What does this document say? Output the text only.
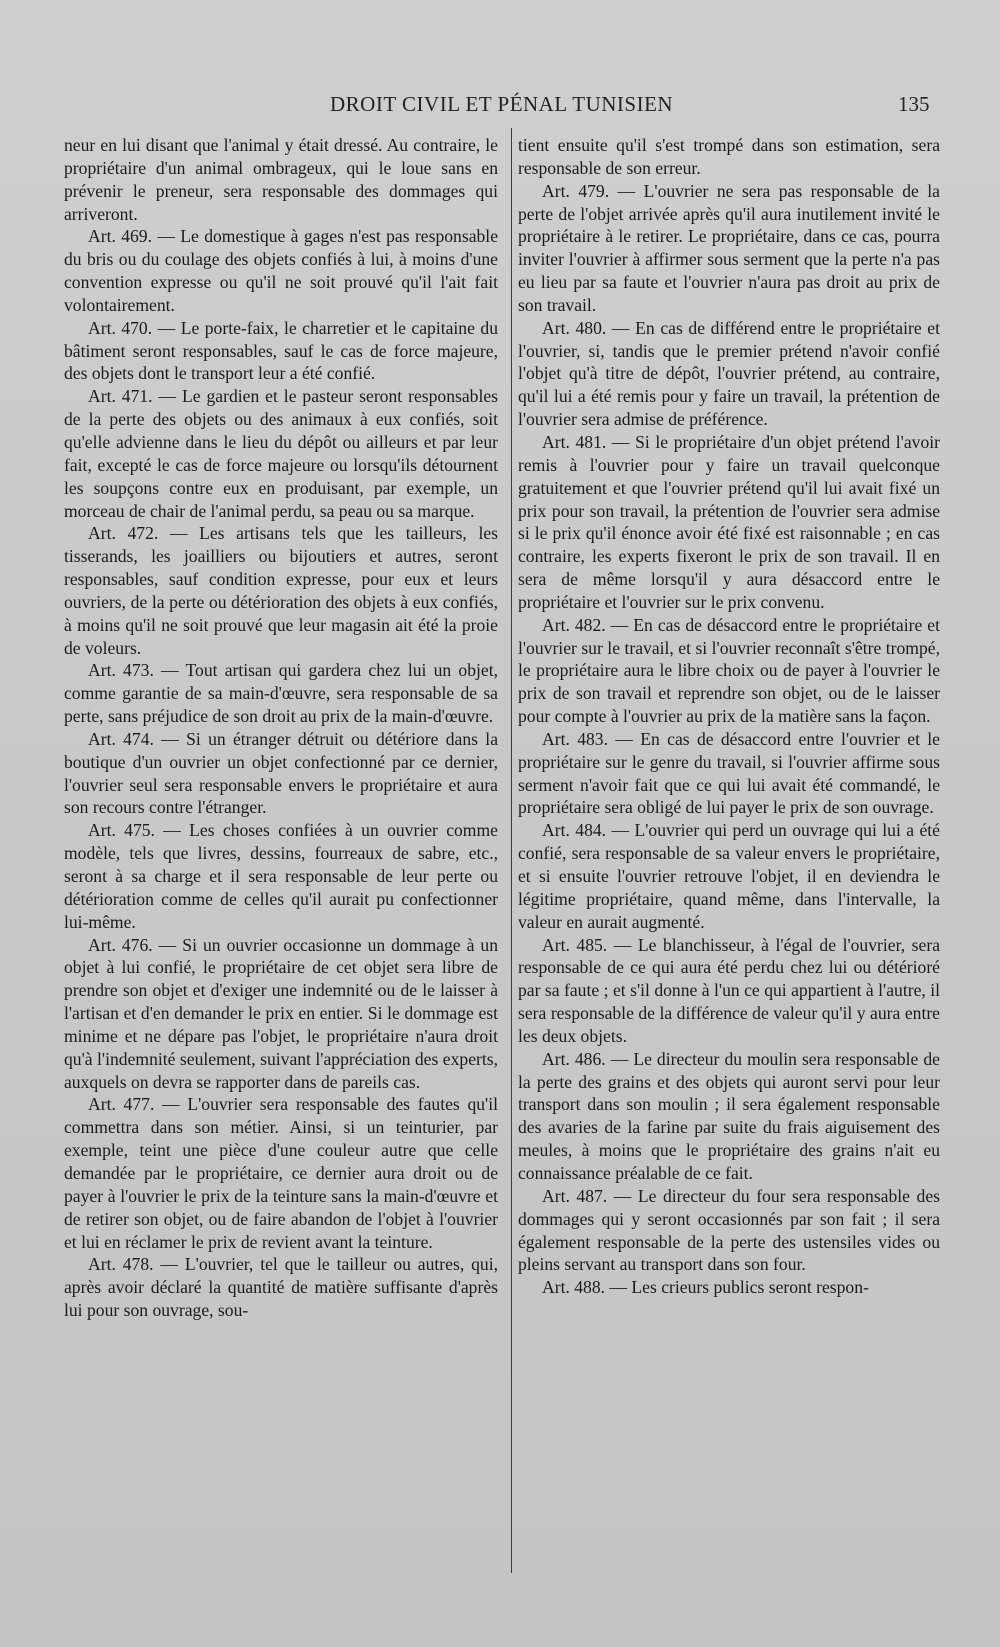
DROIT CIVIL ET PÉNAL TUNISIEN	135

neur en lui disant que l'animal y était dressé. Au contraire, le propriétaire d'un animal ombrageux, qui le loue sans en prévenir le preneur, sera responsable des dommages qui arriveront.

Art. 469. — Le domestique à gages n'est pas responsable du bris ou du coulage des objets confiés à lui, à moins d'une convention expresse ou qu'il ne soit prouvé qu'il l'ait fait volontairement.

Art. 470. — Le porte-faix, le charretier et le capitaine du bâtiment seront responsables, sauf le cas de force majeure, des objets dont le transport leur a été confié.

Art. 471. — Le gardien et le pasteur seront responsables de la perte des objets ou des animaux à eux confiés, soit qu'elle advienne dans le lieu du dépôt ou ailleurs et par leur fait, excepté le cas de force majeure ou lorsqu'ils détournent les soupçons contre eux en produisant, par exemple, un morceau de chair de l'animal perdu, sa peau ou sa marque.

Art. 472. — Les artisans tels que les tailleurs, les tisserands, les joailliers ou bijoutiers et autres, seront responsables, sauf condition expresse, pour eux et leurs ouvriers, de la perte ou détérioration des objets à eux confiés, à moins qu'il ne soit prouvé que leur magasin ait été la proie de voleurs.

Art. 473. — Tout artisan qui gardera chez lui un objet, comme garantie de sa main-d'œuvre, sera responsable de sa perte, sans préjudice de son droit au prix de la main-d'œuvre.

Art. 474. — Si un étranger détruit ou détériore dans la boutique d'un ouvrier un objet confectionné par ce dernier, l'ouvrier seul sera responsable envers le propriétaire et aura son recours contre l'étranger.

Art. 475. — Les choses confiées à un ouvrier comme modèle, tels que livres, dessins, fourreaux de sabre, etc., seront à sa charge et il sera responsable de leur perte ou détérioration comme de celles qu'il aurait pu confectionner lui-même.

Art. 476. — Si un ouvrier occasionne un dommage à un objet à lui confié, le propriétaire de cet objet sera libre de prendre son objet et d'exiger une indemnité ou de le laisser à l'artisan et d'en demander le prix en entier. Si le dommage est minime et ne dépare pas l'objet, le propriétaire n'aura droit qu'à l'indemnité seulement, suivant l'appréciation des experts, auxquels on devra se rapporter dans de pareils cas.

Art. 477. — L'ouvrier sera responsable des fautes qu'il commettra dans son métier. Ainsi, si un teinturier, par exemple, teint une pièce d'une couleur autre que celle demandée par le propriétaire, ce dernier aura droit ou de payer à l'ouvrier le prix de la teinture sans la main-d'œuvre et de retirer son objet, ou de faire abandon de l'objet à l'ouvrier et lui en réclamer le prix de revient avant la teinture.

Art. 478. — L'ouvrier, tel que le tailleur ou autres, qui, après avoir déclaré la quantité de matière suffisante d'après lui pour son ouvrage, sou-

tient ensuite qu'il s'est trompé dans son estimation, sera responsable de son erreur.

Art. 479. — L'ouvrier ne sera pas responsable de la perte de l'objet arrivée après qu'il aura inutilement invité le propriétaire à le retirer. Le propriétaire, dans ce cas, pourra inviter l'ouvrier à affirmer sous serment que la perte n'a pas eu lieu par sa faute et l'ouvrier n'aura pas droit au prix de son travail.

Art. 480. — En cas de différend entre le propriétaire et l'ouvrier, si, tandis que le premier prétend n'avoir confié l'objet qu'à titre de dépôt, l'ouvrier prétend, au contraire, qu'il lui a été remis pour y faire un travail, la prétention de l'ouvrier sera admise de préférence.

Art. 481. — Si le propriétaire d'un objet prétend l'avoir remis à l'ouvrier pour y faire un travail quelconque gratuitement et que l'ouvrier prétend qu'il lui avait fixé un prix pour son travail, la prétention de l'ouvrier sera admise si le prix qu'il énonce avoir été fixé est raisonnable ; en cas contraire, les experts fixeront le prix de son travail. Il en sera de même lorsqu'il y aura désaccord entre le propriétaire et l'ouvrier sur le prix convenu.

Art. 482. — En cas de désaccord entre le propriétaire et l'ouvrier sur le travail, et si l'ouvrier reconnaît s'être trompé, le propriétaire aura le libre choix ou de payer à l'ouvrier le prix de son travail et reprendre son objet, ou de le laisser pour compte à l'ouvrier au prix de la matière sans la façon.

Art. 483. — En cas de désaccord entre l'ouvrier et le propriétaire sur le genre du travail, si l'ouvrier affirme sous serment n'avoir fait que ce qui lui avait été commandé, le propriétaire sera obligé de lui payer le prix de son ouvrage.

Art. 484. — L'ouvrier qui perd un ouvrage qui lui a été confié, sera responsable de sa valeur envers le propriétaire, et si ensuite l'ouvrier retrouve l'objet, il en deviendra le légitime propriétaire, quand même, dans l'intervalle, la valeur en aurait augmenté.

Art. 485. — Le blanchisseur, à l'égal de l'ouvrier, sera responsable de ce qui aura été perdu chez lui ou détérioré par sa faute ; et s'il donne à l'un ce qui appartient à l'autre, il sera responsable de la différence de valeur qu'il y aura entre les deux objets.

Art. 486. — Le directeur du moulin sera responsable de la perte des grains et des objets qui auront servi pour leur transport dans son moulin ; il sera également responsable des avaries de la farine par suite du frais aiguisement des meules, à moins que le propriétaire des grains n'ait eu connaissance préalable de ce fait.

Art. 487. — Le directeur du four sera responsable des dommages qui y seront occasionnés par son fait ; il sera également responsable de la perte des ustensiles vides ou pleins servant au transport dans son four.

Art. 488. — Les crieurs publics seront respon-
